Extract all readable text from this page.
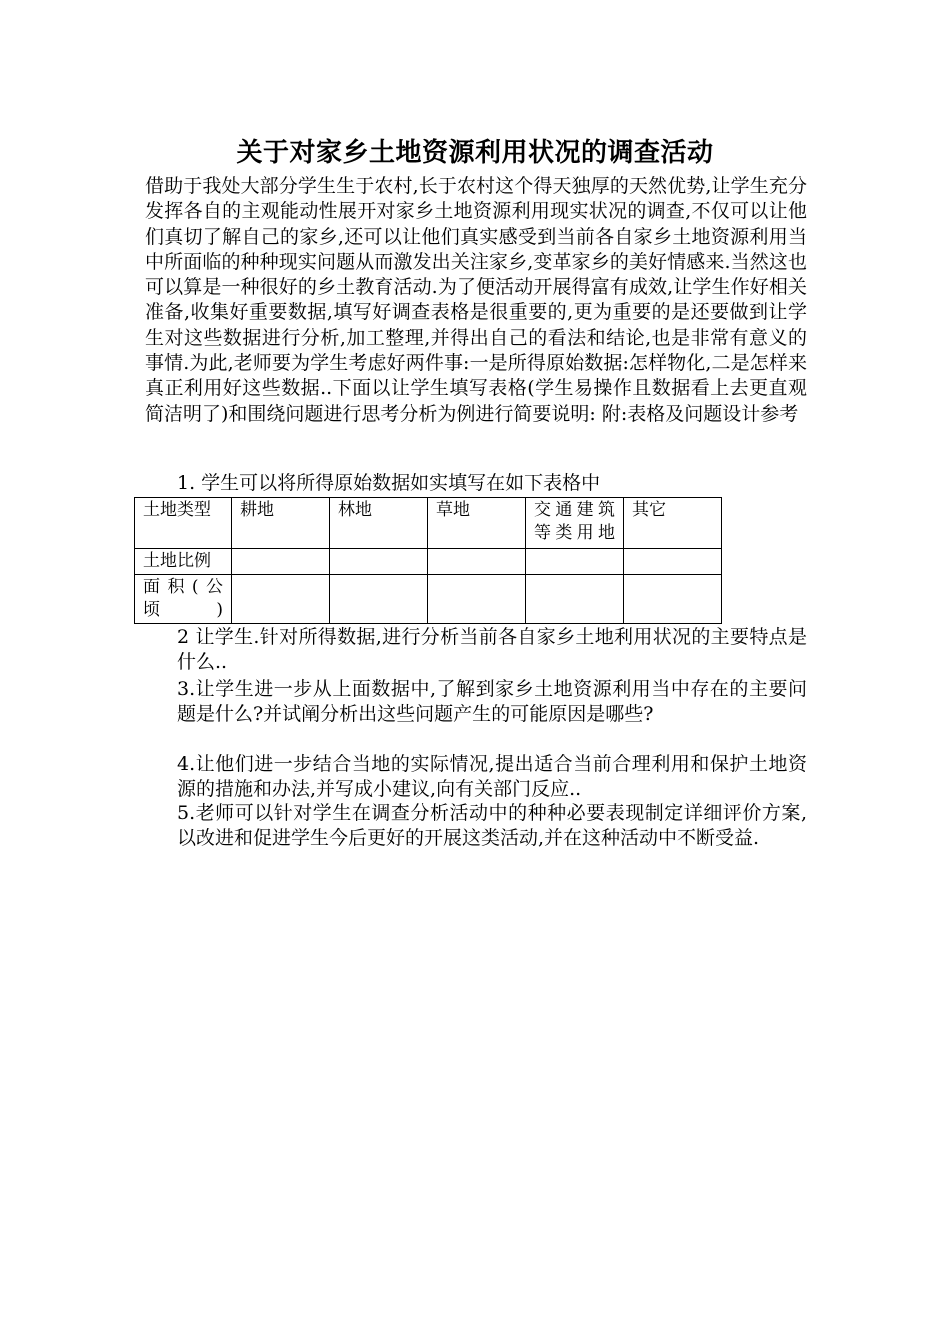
关于对家乡土地资源利用状况的调查活动
借助于我处大部分学生生于农村,长于农村这个得天独厚的天然优势,让学生充分发挥各自的主观能动性展开对家乡土地资源利用现实状况的调查,不仅可以让他们真切了解自己的家乡,还可以让他们真实感受到当前各自家乡土地资源利用当中所面临的种种现实问题从而激发出关注家乡,变革家乡的美好情感来.当然这也可以算是一种很好的乡土教育活动.为了便活动开展得富有成效,让学生作好相关准备,收集好重要数据,填写好调查表格是很重要的,更为重要的是还要做到让学生对这些数据进行分析,加工整理,并得出自己的看法和结论,也是非常有意义的事情.为此,老师要为学生考虑好两件事:一是所得原始数据:怎样物化,二是怎样来真正利用好这些数据..下面以让学生填写表格(学生易操作且数据看上去更直观简洁明了)和围绕问题进行思考分析为例进行简要说明: 附:表格及问题设计参考
1. 学生可以将所得原始数据如实填写在如下表格中
土地类型	耕地	林地	草地	交通建筑等类用地	其它
土地比例					
面积(公顷)					
2 让学生.针对所得数据,进行分析当前各自家乡土地利用状况的主要特点是什么..
3.让学生进一步从上面数据中,了解到家乡土地资源利用当中存在的主要问题是什么?并试阐分析出这些问题产生的可能原因是哪些?
4.让他们进一步结合当地的实际情况,提出适合当前合理利用和保护土地资源的措施和办法,并写成小建议,向有关部门反应..
5.老师可以针对学生在调查分析活动中的种种必要表现制定详细评价方案,以改进和促进学生今后更好的开展这类活动,并在这种活动中不断受益.
